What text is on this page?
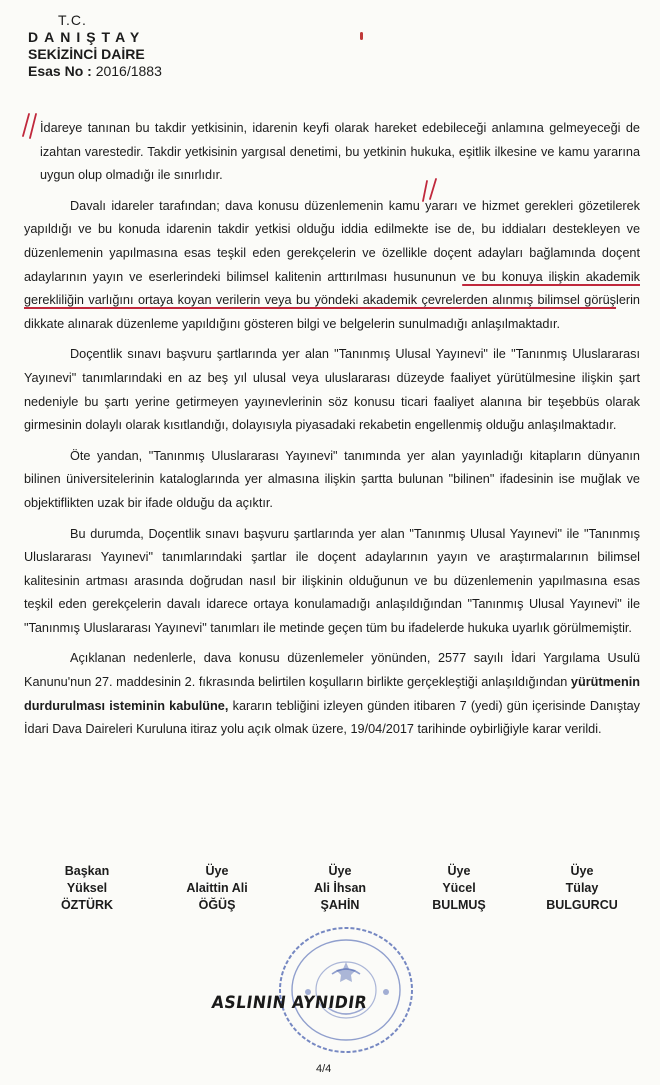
T.C.
DANIŞTAY
SEKİZİNCİ DAİRE
Esas No : 2016/1883

İdareye tanınan bu takdir yetkisinin, idarenin keyfi olarak hareket edebileceği anlamına gelmeyeceği de izahtan varestedir. Takdir yetkisinin yargısal denetimi, bu yetkinin hukuka, eşitlik ilkesine ve kamu yararına uygun olup olmadığı ile sınırlıdır.

Davalı idareler tarafından; dava konusu düzenlemenin kamu yararı ve hizmet gerekleri gözetilerek yapıldığı ve bu konuda idarenin takdir yetkisi olduğu iddia edilmekte ise de, bu iddiaları destekleyen ve düzenlemenin yapılmasına esas teşkil eden gerekçelerin ve özellikle doçent adayları bağlamında doçent adaylarının yayın ve eserlerindeki bilimsel kalitenin arttırılması husununun ve bu konuya ilişkin akademik gerekliliğin varlığını ortaya koyan verilerin veya bu yöndeki akademik çevrelerden alınmış bilimsel görüşlerin dikkate alınarak düzenleme yapıldığını gösteren bilgi ve belgelerin sunulmadığı anlaşılmaktadır.

Doçentlik sınavı başvuru şartlarında yer alan "Tanınmış Ulusal Yayınevi" ile "Tanınmış Uluslararası Yayınevi" tanımlarındaki en az beş yıl ulusal veya uluslararası düzeyde faaliyet yürütülmesine ilişkin şart nedeniyle bu şartı yerine getirmeyen yayınevlerinin söz konusu ticari faaliyet alanına bir teşebbüs olarak girmesinin dolaylı olarak kısıtlandığı, dolayısıyla piyasadaki rekabetin engellenmiş olduğu anlaşılmaktadır.

Öte yandan, "Tanınmış Uluslararası Yayınevi" tanımında yer alan yayınladığı kitapların dünyanın bilinen üniversitelerinin kataloglarında yer almasına ilişkin şartta bulunan "bilinen" ifadesinin ise muğlak ve objektiflikten uzak bir ifade olduğu da açıktır.

Bu durumda, Doçentlik sınavı başvuru şartlarında yer alan "Tanınmış Ulusal Yayınevi" ile "Tanınmış Uluslararası Yayınevi" tanımlarındaki şartlar ile doçent adaylarının yayın ve araştırmalarının bilimsel kalitesinin artması arasında doğrudan nasıl bir ilişkinin olduğunun ve bu düzenlemenin yapılmasına esas teşkil eden gerekçelerin davalı idarece ortaya konulamadığı anlaşıldığından "Tanınmış Ulusal Yayınevi" ile "Tanınmış Uluslararası Yayınevi" tanımları ile metinde geçen tüm bu ifadelerde hukuka uyarlık görülmemiştir.

Açıklanan nedenlerle, dava konusu düzenlemeler yönünden, 2577 sayılı İdari Yargılama Usulü Kanunu'nun 27. maddesinin 2. fıkrasında belirtilen koşulların birlikte gerçekleştiği anlaşıldığından yürütmenin durdurulması isteminin kabulüne, kararın tebliğini izleyen günden itibaren 7 (yedi) gün içerisinde Danıştay İdari Dava Daireleri Kuruluna itiraz yolu açık olmak üzere, 19/04/2017 tarihinde oybirliğiyle karar verildi.

Başkan
Yüksel
ÖZTÜRK
Üye
Alaittin Ali
ÖĞÜŞ
Üye
Ali İhsan
ŞAHİN
Üye
Yücel
BULMUŞ
Üye
Tülay
BULGURCU
ASLININ AYNIDIR
4/4
